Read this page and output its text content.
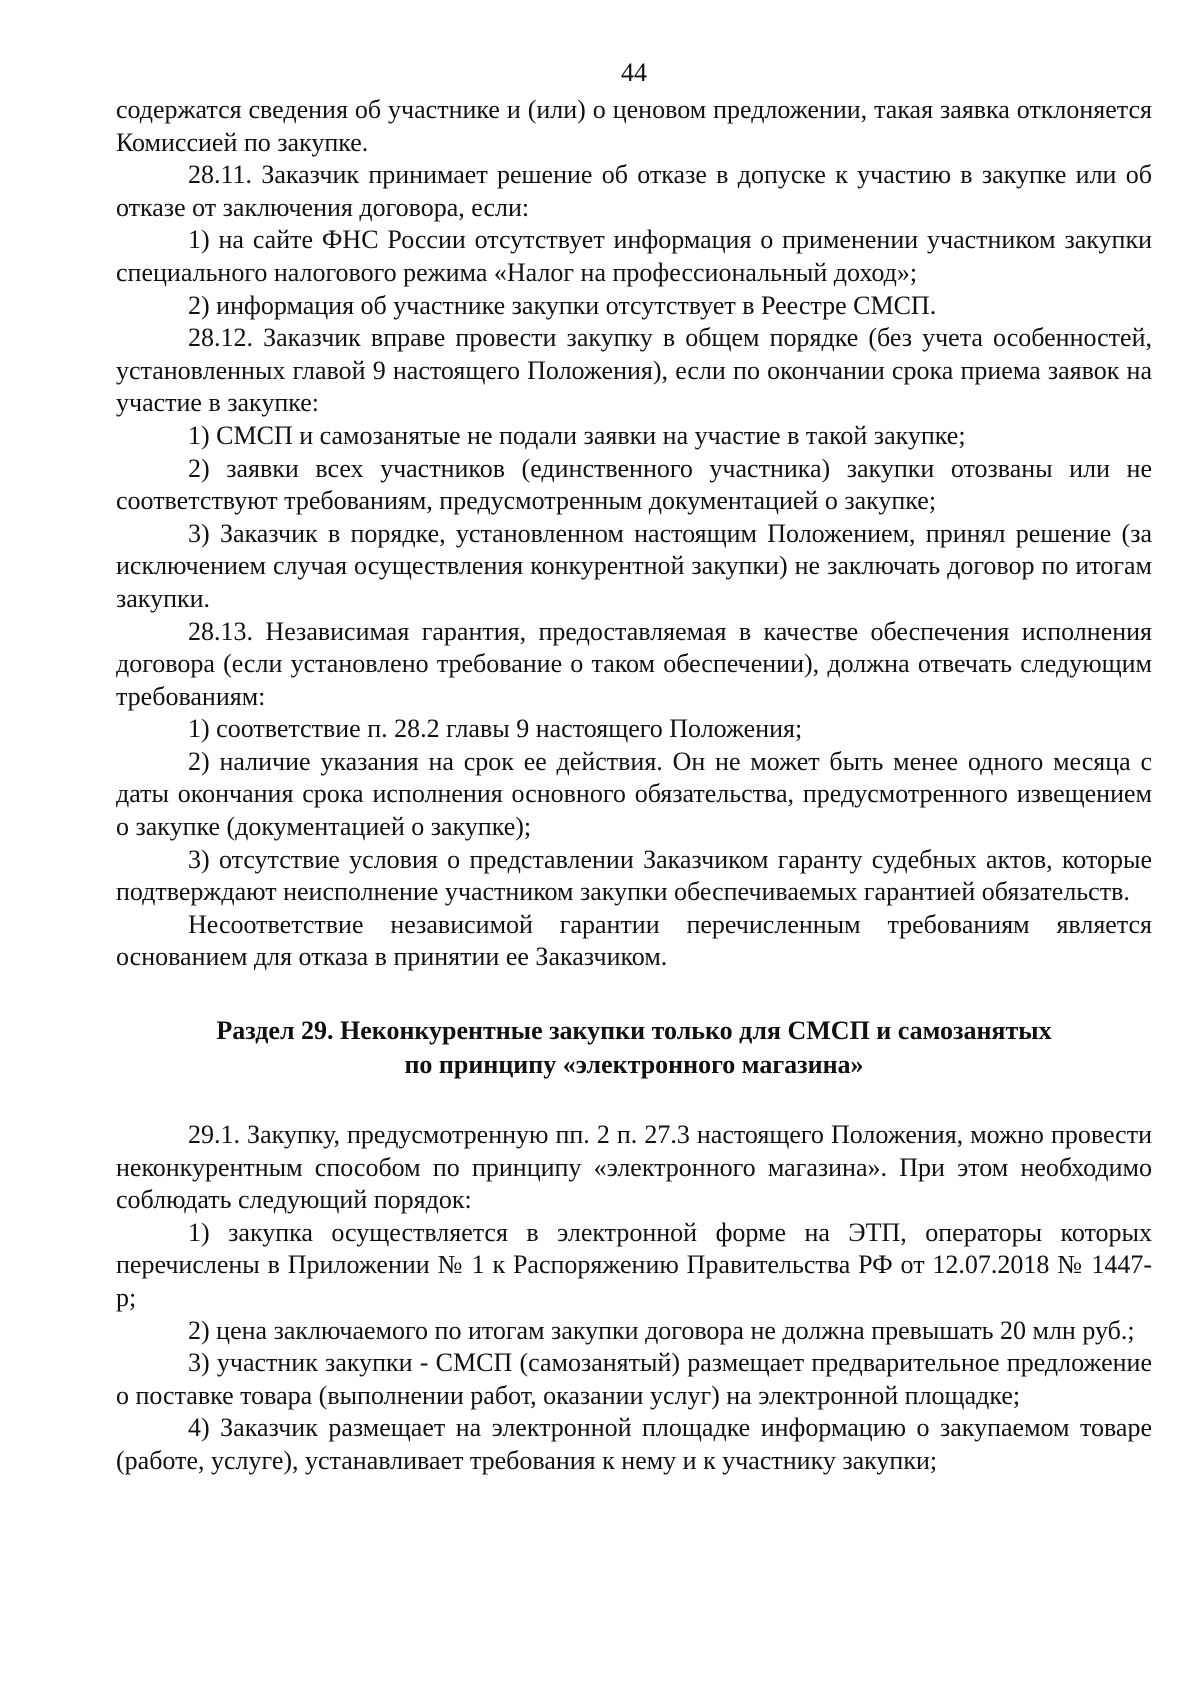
44

содержатся сведения об участнике и (или) о ценовом предложении, такая заявка отклоняется Комиссией по закупке.

28.11. Заказчик принимает решение об отказе в допуске к участию в закупке или об отказе от заключения договора, если:

1) на сайте ФНС России отсутствует информация о применении участником закупки специального налогового режима «Налог на профессиональный доход»;

2) информация об участнике закупки отсутствует в Реестре СМСП.

28.12. Заказчик вправе провести закупку в общем порядке (без учета особенностей, установленных главой 9 настоящего Положения), если по окончании срока приема заявок на участие в закупке:

1) СМСП и самозанятые не подали заявки на участие в такой закупке;

2) заявки всех участников (единственного участника) закупки отозваны или не соответствуют требованиям, предусмотренным документацией о закупке;

3) Заказчик в порядке, установленном настоящим Положением, принял решение (за исключением случая осуществления конкурентной закупки) не заключать договор по итогам закупки.

28.13. Независимая гарантия, предоставляемая в качестве обеспечения исполнения договора (если установлено требование о таком обеспечении), должна отвечать следующим требованиям:

1) соответствие п. 28.2 главы 9 настоящего Положения;

2) наличие указания на срок ее действия. Он не может быть менее одного месяца с даты окончания срока исполнения основного обязательства, предусмотренного извещением о закупке (документацией о закупке);

3) отсутствие условия о представлении Заказчиком гаранту судебных актов, которые подтверждают неисполнение участником закупки обеспечиваемых гарантией обязательств.

Несоответствие независимой гарантии перечисленным требованиям является основанием для отказа в принятии ее Заказчиком.

Раздел 29. Неконкурентные закупки только для СМСП и самозанятых
по принципу «электронного магазина»

29.1. Закупку, предусмотренную пп. 2 п. 27.3 настоящего Положения, можно провести неконкурентным способом по принципу «электронного магазина». При этом необходимо соблюдать следующий порядок:

1) закупка осуществляется в электронной форме на ЭТП, операторы которых перечислены в Приложении № 1 к Распоряжению Правительства РФ от 12.07.2018 № 1447-р;

2) цена заключаемого по итогам закупки договора не должна превышать 20 млн руб.;

3) участник закупки - СМСП (самозанятый) размещает предварительное предложение о поставке товара (выполнении работ, оказании услуг) на электронной площадке;

4) Заказчик размещает на электронной площадке информацию о закупаемом товаре (работе, услуге), устанавливает требования к нему и к участнику закупки;
